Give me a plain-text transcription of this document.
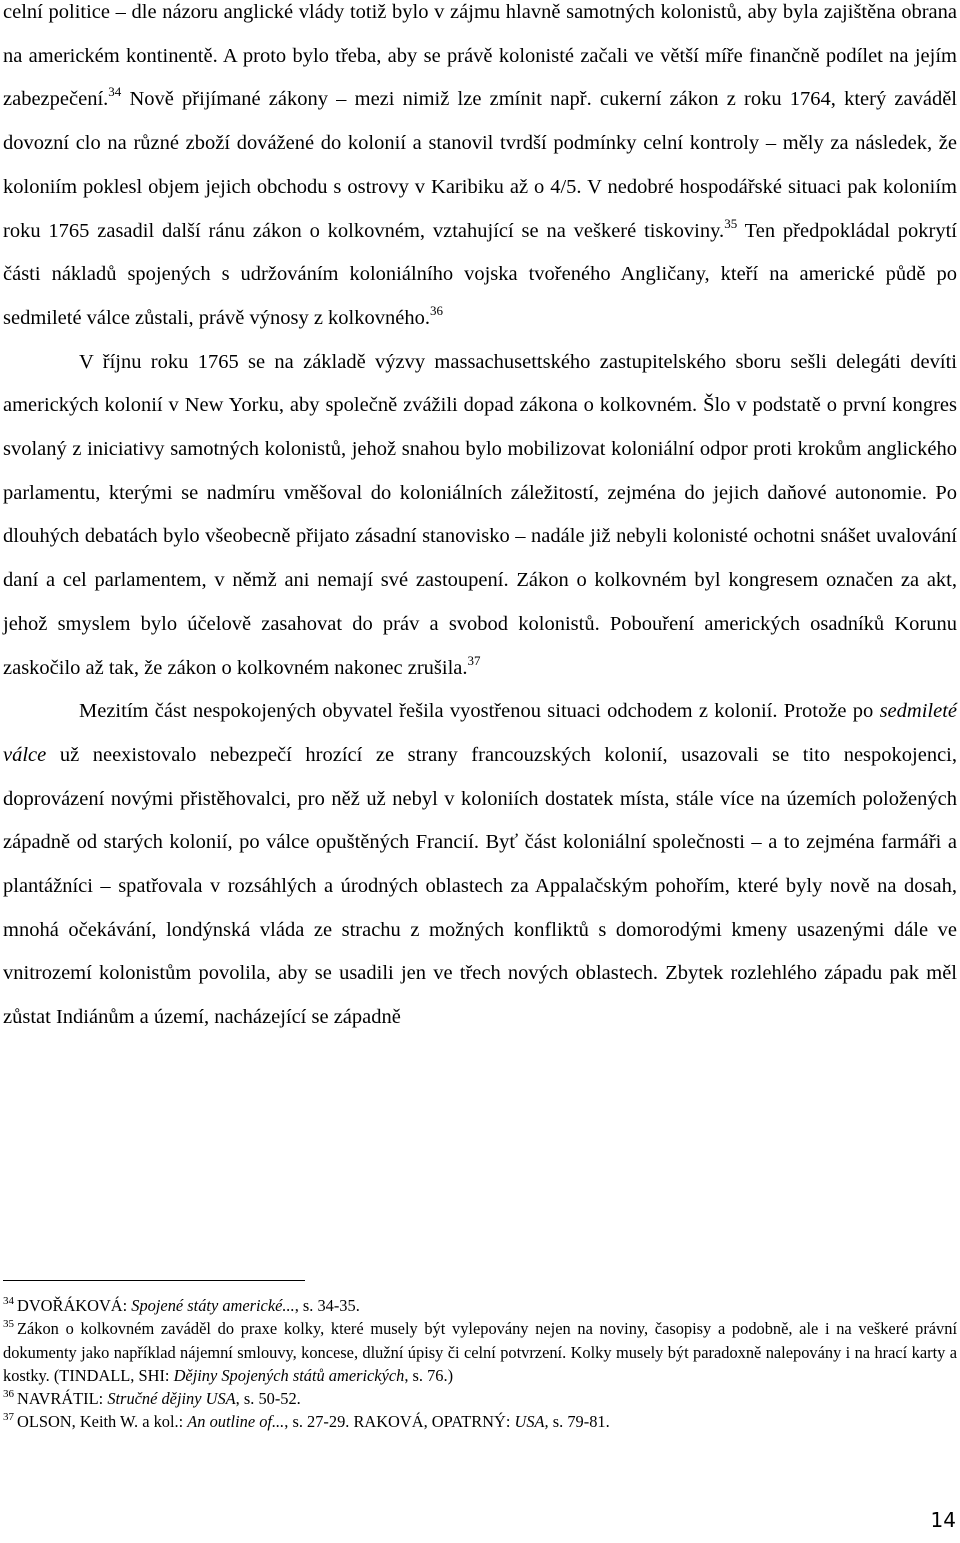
celní politice – dle názoru anglické vlády totiž bylo v zájmu hlavně samotných kolonistů, aby byla zajištěna obrana na americkém kontinentě. A proto bylo třeba, aby se právě kolonisté začali ve větší míře finančně podílet na jejím zabezpečení.$^{34}$ Nově přijímané zákony – mezi nimiž lze zmínit např. cukerní zákon z roku 1764, který zaváděl dovozní clo na různé zboží dovážené do kolonií a stanovil tvrdší podmínky celní kontroly – měly za následek, že koloniím poklesl objem jejich obchodu s ostrovy v Karibiku až o 4/5. V nedobré hospodářské situaci pak koloniím roku 1765 zasadil další ránu zákon o kolkovném, vztahující se na veškeré tiskoviny.$^{35}$ Ten předpokládal pokrytí části nákladů spojených s udržováním koloniálního vojska tvořeného Angličany, kteří na americké půdě po sedmileté válce zůstali, právě výnosy z kolkovného.$^{36}$

V říjnu roku 1765 se na základě výzvy massachusettského zastupitelského sboru sešli delegáti devíti amerických kolonií v New Yorku, aby společně zvážili dopad zákona o kolkovném. Šlo v podstatě o první kongres svolaný z iniciativy samotných kolonistů, jehož snahou bylo mobilizovat koloniální odpor proti krokům anglického parlamentu, kterými se nadmíru vměšoval do koloniálních záležitostí, zejména do jejich daňové autonomie. Po dlouhých debatách bylo všeobecně přijato zásadní stanovisko – nadále již nebyli kolonisté ochotni snášet uvalování daní a cel parlamentem, v němž ani nemají své zastoupení. Zákon o kolkovném byl kongresem označen za akt, jehož smyslem bylo účelově zasahovat do práv a svobod kolonistů. Pobouření amerických osadníků Korunu zaskočilo až tak, že zákon o kolkovném nakonec zrušila.$^{37}$

Mezitím část nespokojených obyvatel řešila vyostřenou situaci odchodem z kolonií. Protože po sedmileté válce už neexistovalo nebezpečí hrozící ze strany francouzských kolonií, usazovali se tito nespokojenci, doprovázení novými přistěhovalci, pro něž už nebyl v koloniích dostatek místa, stále více na územích položených západně od starých kolonií, po válce opuštěných Francií. Byť část koloniální společnosti – a to zejména farmáři a plantážníci – spatřovala v rozsáhlých a úrodných oblastech za Appalačským pohořím, které byly nově na dosah, mnohá očekávání, londýnská vláda ze strachu z možných konfliktů s domorodými kmeny usazenými dále ve vnitrozemí kolonistům povolila, aby se usadili jen ve třech nových oblastech. Zbytek rozlehlého západu pak měl zůstat Indiánům a území, nacházející se západně

$^{34}$ DVOŘÁKOVÁ: Spojené státy americké..., s. 34-35.

$^{35}$ Zákon o kolkovném zaváděl do praxe kolky, které musely být vylepovány nejen na noviny, časopisy a podobně, ale i na veškeré právní dokumenty jako například nájemní smlouvy, koncese, dlužní úpisy či celní potvrzení. Kolky musely být paradoxně nalepovány i na hrací karty a kostky. (TINDALL, SHI: Dějiny Spojených států amerických, s. 76.)

$^{36}$ NAVRÁTIL: Stručné dějiny USA, s. 50-52.

$^{37}$ OLSON, Keith W. a kol.: An outline of..., s. 27-29. RAKOVÁ, OPATRNÝ: USA, s. 79-81.

14
